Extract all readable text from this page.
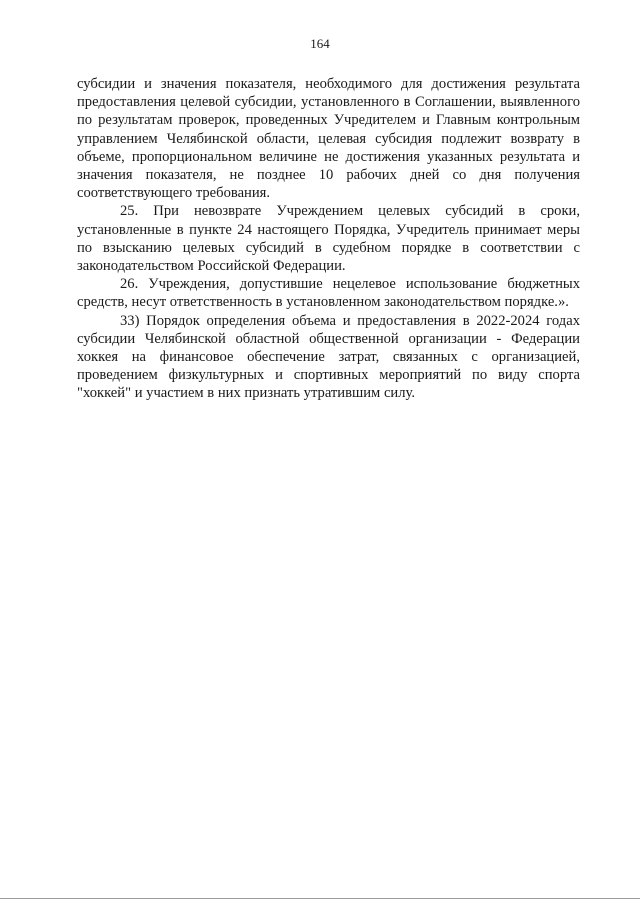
164

субсидии и значения показателя, необходимого для достижения результата предоставления целевой субсидии, установленного в Соглашении, выявленного по результатам проверок, проведенных Учредителем и Главным контрольным управлением Челябинской области, целевая субсидия подлежит возврату в объеме, пропорциональном величине не достижения указанных результата и значения показателя, не позднее 10 рабочих дней со дня получения соответствующего требования.

25. При невозврате Учреждением целевых субсидий в сроки, установленные в пункте 24 настоящего Порядка, Учредитель принимает меры по взысканию целевых субсидий в судебном порядке в соответствии с законодательством Российской Федерации.

26. Учреждения, допустившие нецелевое использование бюджетных средств, несут ответственность в установленном законодательством порядке.».

33) Порядок определения объема и предоставления в 2022-2024 годах субсидии Челябинской областной общественной организации - Федерации хоккея на финансовое обеспечение затрат, связанных с организацией, проведением физкультурных и спортивных мероприятий по виду спорта "хоккей" и участием в них признать утратившим силу.
